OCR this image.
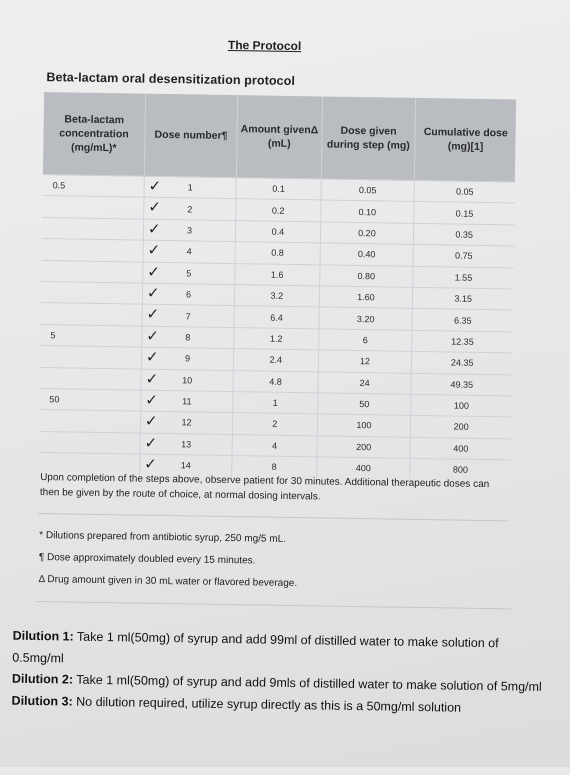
The Protocol
Beta-lactam oral desensitization protocol
Beta-lactam concentration (mg/mL)*	Dose number¶	Amount givenΔ (mL)	Dose given during step (mg)	Cumulative dose (mg)[1]
0.5	✓ 1	0.1	0.05	0.05

	✓ 2	0.2	0.10	0.15

	✓ 3	0.4	0.20	0.35

	✓ 4	0.8	0.40	0.75

	✓ 5	1.6	0.80	1.55

	✓ 6	3.2	1.60	3.15

	✓ 7	6.4	3.20	6.35
5	✓ 8	1.2	6	12.35

	✓ 9	2.4	12	24.35

	✓ 10	4.8	24	49.35
50	✓ 11	1	50	100

	✓ 12	2	100	200

	✓ 13	4	200	400

	✓ 14	8	400	800
Upon completion of the steps above, observe patient for 30 minutes. Additional therapeutic doses can then be given by the route of choice, at normal dosing intervals.
* Dilutions prepared from antibiotic syrup, 250 mg/5 mL.
¶ Dose approximately doubled every 15 minutes.
Δ Drug amount given in 30 mL water or flavored beverage.
Dilution 1: Take 1 ml(50mg) of syrup and add 99ml of distilled water to make solution of 0.5mg/ml
Dilution 2: Take 1 ml(50mg) of syrup and add 9mls of distilled water to make solution of 5mg/ml
Dilution 3: No dilution required, utilize syrup directly as this is a 50mg/ml solution
